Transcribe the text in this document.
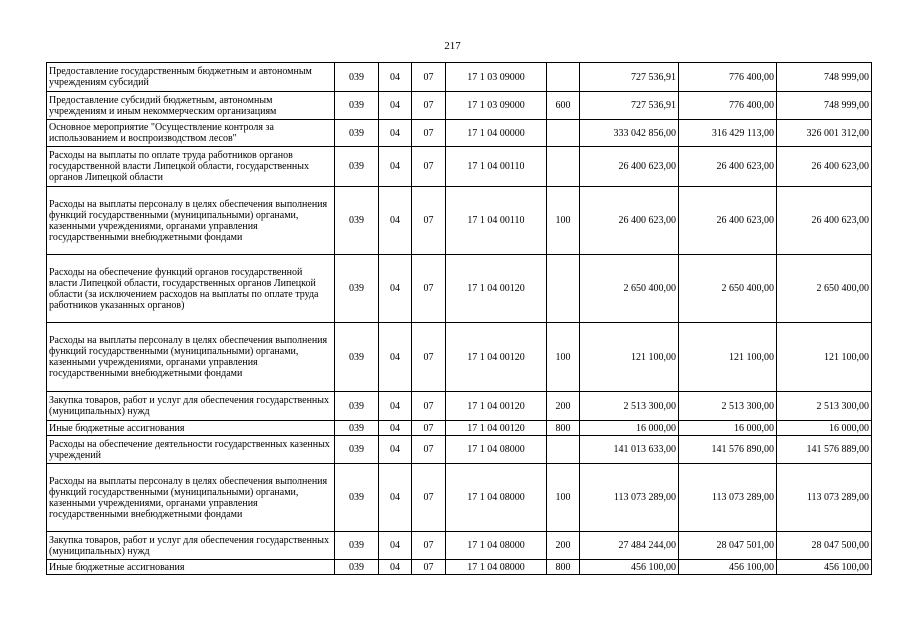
217
Предоставление государственным бюджетным и автономным учреждениям субсидий	039	04	07	17 1 03 09000		727 536,91	776 400,00	748 999,00
Предоставление субсидий бюджетным, автономным учреждениям и иным некоммерческим организациям	039	04	07	17 1 03 09000	600	727 536,91	776 400,00	748 999,00
Основное мероприятие "Осуществление контроля за использованием и воспроизводством лесов"	039	04	07	17 1 04 00000		333 042 856,00	316 429 113,00	326 001 312,00
Расходы на выплаты по оплате труда работников органов государственной власти Липецкой области, государственных органов Липецкой области	039	04	07	17 1 04 00110		26 400 623,00	26 400 623,00	26 400 623,00
Расходы на выплаты персоналу в целях обеспечения выполнения функций государственными (муниципальными) органами, казенными учреждениями, органами управления государственными внебюджетными фондами	039	04	07	17 1 04 00110	100	26 400 623,00	26 400 623,00	26 400 623,00
Расходы на обеспечение функций органов государственной власти Липецкой области, государственных органов Липецкой области (за исключением расходов на выплаты по оплате труда работников указанных органов)	039	04	07	17 1 04 00120		2 650 400,00	2 650 400,00	2 650 400,00
Расходы на выплаты персоналу в целях обеспечения выполнения функций государственными (муниципальными) органами, казенными учреждениями, органами управления государственными внебюджетными фондами	039	04	07	17 1 04 00120	100	121 100,00	121 100,00	121 100,00
Закупка товаров, работ и услуг для обеспечения государственных (муниципальных) нужд	039	04	07	17 1 04 00120	200	2 513 300,00	2 513 300,00	2 513 300,00
Иные бюджетные ассигнования	039	04	07	17 1 04 00120	800	16 000,00	16 000,00	16 000,00
Расходы на обеспечение деятельности государственных казенных учреждений	039	04	07	17 1 04 08000		141 013 633,00	141 576 890,00	141 576 889,00
Расходы на выплаты персоналу в целях обеспечения выполнения функций государственными (муниципальными) органами, казенными учреждениями, органами управления государственными внебюджетными фондами	039	04	07	17 1 04 08000	100	113 073 289,00	113 073 289,00	113 073 289,00
Закупка товаров, работ и услуг для обеспечения государственных (муниципальных) нужд	039	04	07	17 1 04 08000	200	27 484 244,00	28 047 501,00	28 047 500,00
Иные бюджетные ассигнования	039	04	07	17 1 04 08000	800	456 100,00	456 100,00	456 100,00
